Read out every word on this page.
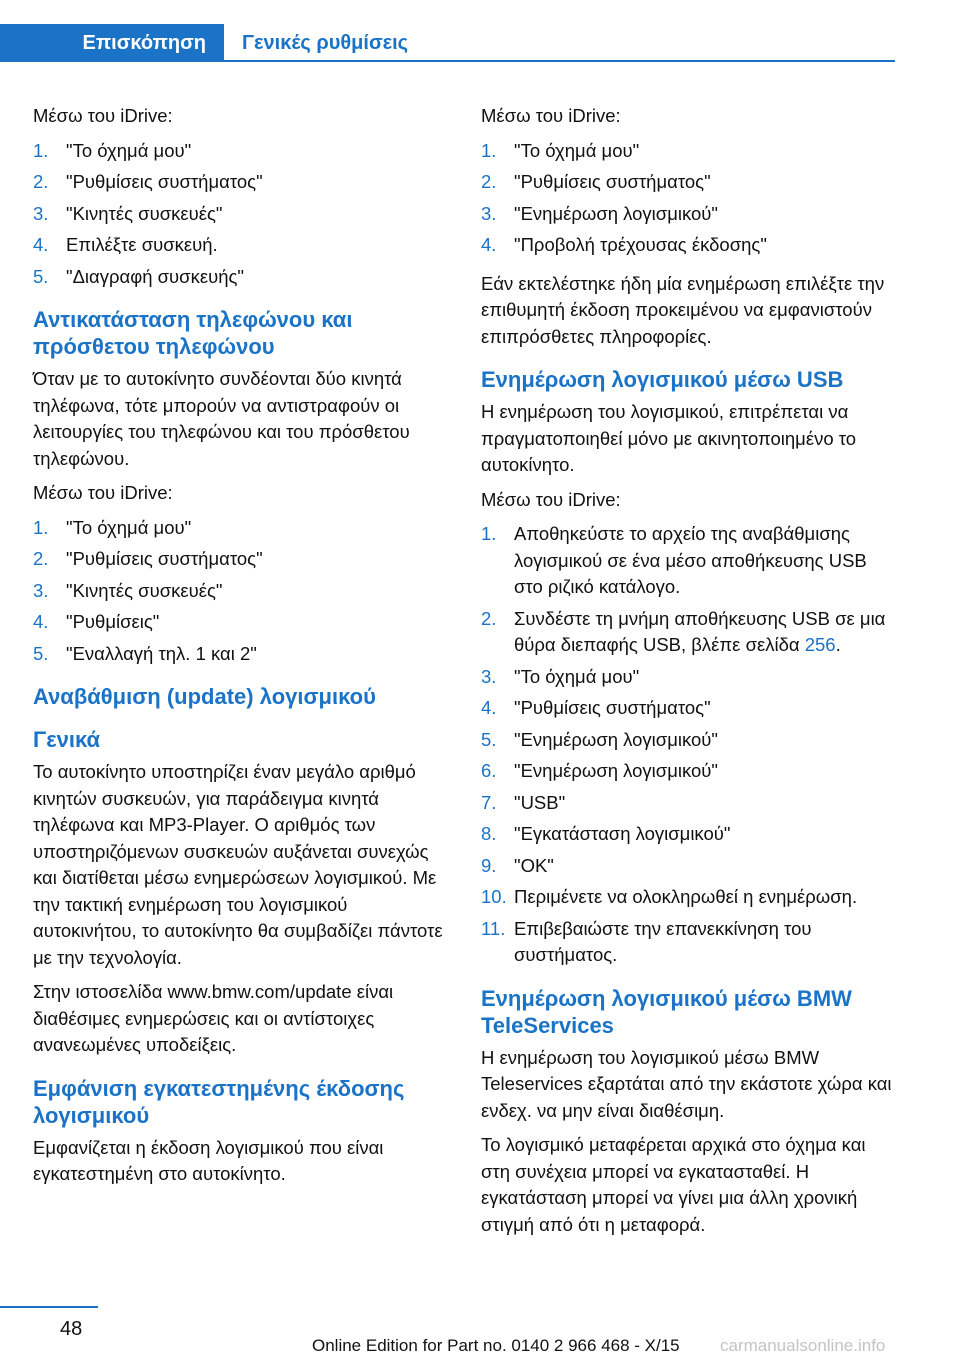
Επισκόπηση	Γενικές ρυθμίσεις

Μέσω του iDrive:

1. "Το όχημά μου"
2. "Ρυθμίσεις συστήματος"
3. "Κινητές συσκευές"
4. Επιλέξτε συσκευή.
5. "Διαγραφή συσκευής"
Αντικατάσταση τηλεφώνου και πρόσθετου τηλεφώνου

Όταν με το αυτοκίνητο συνδέονται δύο κινητά τηλέφωνα, τότε μπορούν να αντιστραφούν οι λειτουργίες του τηλεφώνου και του πρόσθετου τηλεφώνου.

Μέσω του iDrive:

1. "Το όχημά μου"
2. "Ρυθμίσεις συστήματος"
3. "Κινητές συσκευές"
4. "Ρυθμίσεις"
5. "Εναλλαγή τηλ. 1 και 2"
Αναβάθμιση (update) λογισμικού
Γενικά

Το αυτοκίνητο υποστηρίζει έναν μεγάλο αριθμό κινητών συσκευών, για παράδειγμα κινητά τηλέφωνα και MP3-Player. Ο αριθμός των υποστηριζόμενων συσκευών αυξάνεται συνεχώς και διατίθεται μέσω ενημερώσεων λογισμικού. Με την τακτική ενημέρωση του λογισμικού αυτοκινήτου, το αυτοκίνητο θα συμβαδίζει πάντοτε με την τεχνολογία.

Στην ιστοσελίδα www.bmw.com/update είναι διαθέσιμες ενημερώσεις και οι αντίστοιχες ανανεωμένες υποδείξεις.

Εμφάνιση εγκατεστημένης έκδοσης λογισμικού

Εμφανίζεται η έκδοση λογισμικού που είναι εγκατεστημένη στο αυτοκίνητο.

Μέσω του iDrive:

1. "Το όχημά μου"
2. "Ρυθμίσεις συστήματος"
3. "Ενημέρωση λογισμικού"
4. "Προβολή τρέχουσας έκδοσης"

Εάν εκτελέστηκε ήδη μία ενημέρωση επιλέξτε την επιθυμητή έκδοση προκειμένου να εμφανιστούν επιπρόσθετες πληροφορίες.

Ενημέρωση λογισμικού μέσω USB

Η ενημέρωση του λογισμικού, επιτρέπεται να πραγματοποιηθεί μόνο με ακινητοποιημένο το αυτοκίνητο.

Μέσω του iDrive:

1. Αποθηκεύστε το αρχείο της αναβάθμισης λογισμικού σε ένα μέσο αποθήκευσης USB στο ριζικό κατάλογο.
2. Συνδέστε τη μνήμη αποθήκευσης USB σε μια θύρα διεπαφής USB, βλέπε σελίδα 256.
3. "Το όχημά μου"
4. "Ρυθμίσεις συστήματος"
5. "Ενημέρωση λογισμικού"
6. "Ενημέρωση λογισμικού"
7. "USB"
8. "Εγκατάσταση λογισμικού"
9. "OK"
10. Περιμένετε να ολοκληρωθεί η ενημέρωση.
11. Επιβεβαιώστε την επανεκκίνηση του συστήματος.
Ενημέρωση λογισμικού μέσω BMW TeleServices

Η ενημέρωση του λογισμικού μέσω BMW Teleservices εξαρτάται από την εκάστοτε χώρα και ενδεχ. να μην είναι διαθέσιμη.

Το λογισμικό μεταφέρεται αρχικά στο όχημα και στη συνέχεια μπορεί να εγκατασταθεί. Η εγκατάσταση μπορεί να γίνει μια άλλη χρονική στιγμή από ότι η μεταφορά.

48
Online Edition for Part no. 0140 2 966 468 - X/15 carmanualsonline.info
